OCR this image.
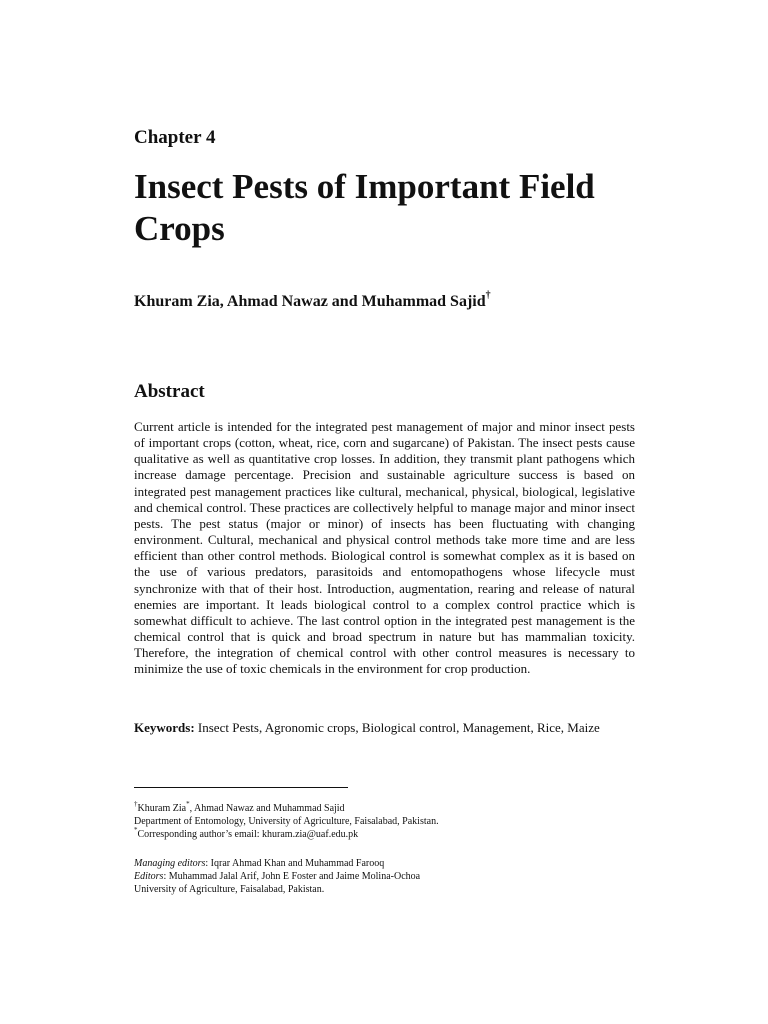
Chapter 4

Insect Pests of Important Field Crops

Khuram Zia, Ahmad Nawaz and Muhammad Sajid†

Abstract

Current article is intended for the integrated pest management of major and minor insect pests of important crops (cotton, wheat, rice, corn and sugarcane) of Pakistan. The insect pests cause qualitative as well as quantitative crop losses. In addition, they transmit plant pathogens which increase damage percentage. Precision and sustainable agriculture success is based on integrated pest management practices like cultural, mechanical, physical, biological, legislative and chemical control. These practices are collectively helpful to manage major and minor insect pests. The pest status (major or minor) of insects has been fluctuating with changing environment. Cultural, mechanical and physical control methods take more time and are less efficient than other control methods. Biological control is somewhat complex as it is based on the use of various predators, parasitoids and entomopathogens whose lifecycle must synchronize with that of their host. Introduction, augmentation, rearing and release of natural enemies are important. It leads biological control to a complex control practice which is somewhat difficult to achieve. The last control option in the integrated pest management is the chemical control that is quick and broad spectrum in nature but has mammalian toxicity. Therefore, the integration of chemical control with other control measures is necessary to minimize the use of toxic chemicals in the environment for crop production.

Keywords: Insect Pests, Agronomic crops, Biological control, Management, Rice, Maize

†Khuram Zia*, Ahmad Nawaz and Muhammad Sajid
Department of Entomology, University of Agriculture, Faisalabad, Pakistan.
*Corresponding author’s email: khuram.zia@uaf.edu.pk
Managing editors: Iqrar Ahmad Khan and Muhammad Farooq
Editors: Muhammad Jalal Arif, John E Foster and Jaime Molina-Ochoa
University of Agriculture, Faisalabad, Pakistan.
